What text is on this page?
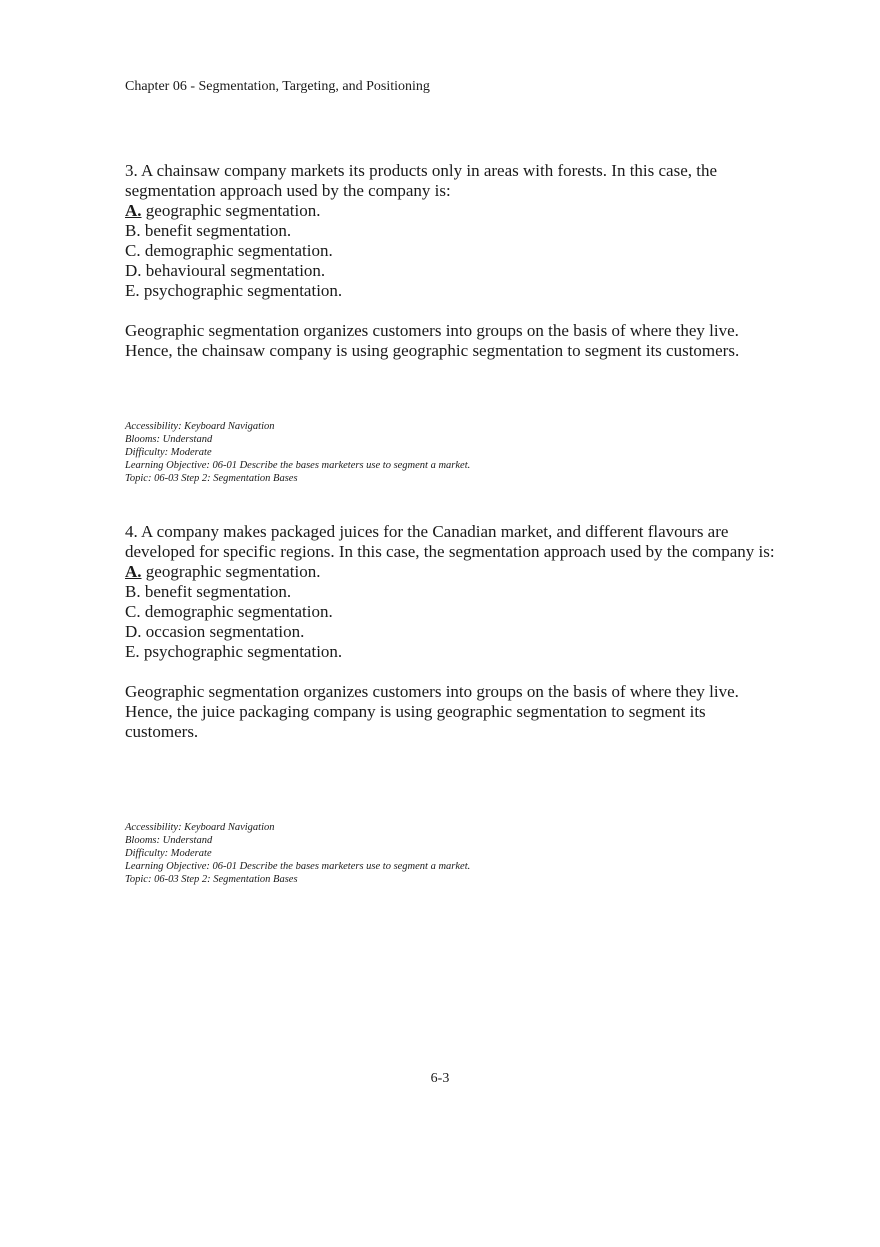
Chapter 06 - Segmentation, Targeting, and Positioning

3. A chainsaw company markets its products only in areas with forests. In this case, the segmentation approach used by the company is:

A. geographic segmentation.
B. benefit segmentation.
C. demographic segmentation.
D. behavioural segmentation.
E. psychographic segmentation.

Geographic segmentation organizes customers into groups on the basis of where they live. Hence, the chainsaw company is using geographic segmentation to segment its customers.

Accessibility: Keyboard Navigation
Blooms: Understand
Difficulty: Moderate
Learning Objective: 06-01 Describe the bases marketers use to segment a market.
Topic: 06-03 Step 2: Segmentation Bases

4. A company makes packaged juices for the Canadian market, and different flavours are developed for specific regions. In this case, the segmentation approach used by the company is:

A. geographic segmentation.
B. benefit segmentation.
C. demographic segmentation.
D. occasion segmentation.
E. psychographic segmentation.

Geographic segmentation organizes customers into groups on the basis of where they live. Hence, the juice packaging company is using geographic segmentation to segment its customers.

Accessibility: Keyboard Navigation
Blooms: Understand
Difficulty: Moderate
Learning Objective: 06-01 Describe the bases marketers use to segment a market.
Topic: 06-03 Step 2: Segmentation Bases
6-3
